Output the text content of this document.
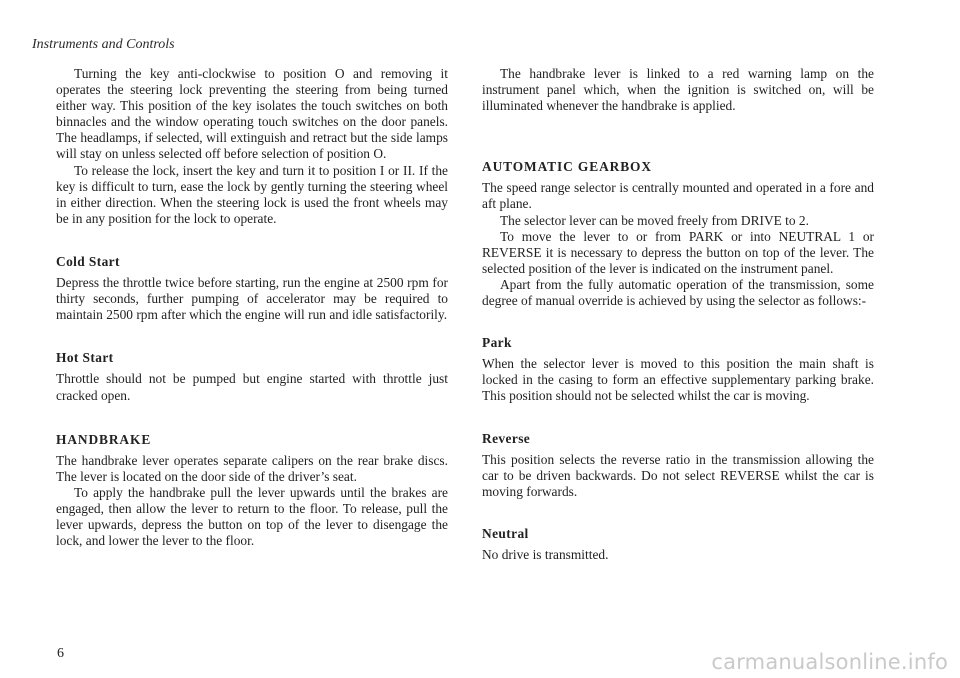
Instruments and Controls

Turning the key anti-clockwise to position O and removing it operates the steering lock preventing the steering from being turned either way. This position of the key isolates the touch switches on both binnacles and the window operating touch switches on the door panels. The headlamps, if selected, will extinguish and retract but the side lamps will stay on unless selected off before selection of position O.

To release the lock, insert the key and turn it to position I or II. If the key is difficult to turn, ease the lock by gently turning the steering wheel in either direction. When the steering lock is used the front wheels may be in any position for the lock to operate.

Cold Start

Depress the throttle twice before starting, run the engine at 2500 rpm for thirty seconds, further pumping of accelerator may be required to maintain 2500 rpm after which the engine will run and idle satisfactorily.

Hot Start

Throttle should not be pumped but engine started with throttle just cracked open.

HANDBRAKE

The handbrake lever operates separate calipers on the rear brake discs. The lever is located on the door side of the driver’s seat.

To apply the handbrake pull the lever upwards until the brakes are engaged, then allow the lever to return to the floor. To release, pull the lever upwards, depress the button on top of the lever to disengage the lock, and lower the lever to the floor.

The handbrake lever is linked to a red warning lamp on the instrument panel which, when the ignition is switched on, will be illuminated whenever the handbrake is applied.

AUTOMATIC GEARBOX

The speed range selector is centrally mounted and operated in a fore and aft plane.

The selector lever can be moved freely from DRIVE to 2.

To move the lever to or from PARK or into NEUTRAL 1 or REVERSE it is necessary to depress the button on top of the lever. The selected position of the lever is indicated on the instrument panel.

Apart from the fully automatic operation of the transmission, some degree of manual override is achieved by using the selector as follows:-

Park

When the selector lever is moved to this position the main shaft is locked in the casing to form an effective supplementary parking brake. This position should not be selected whilst the car is moving.

Reverse

This position selects the reverse ratio in the transmission allowing the car to be driven backwards. Do not select REVERSE whilst the car is moving forwards.

Neutral

No drive is transmitted.

6	carmanualsonline.info
